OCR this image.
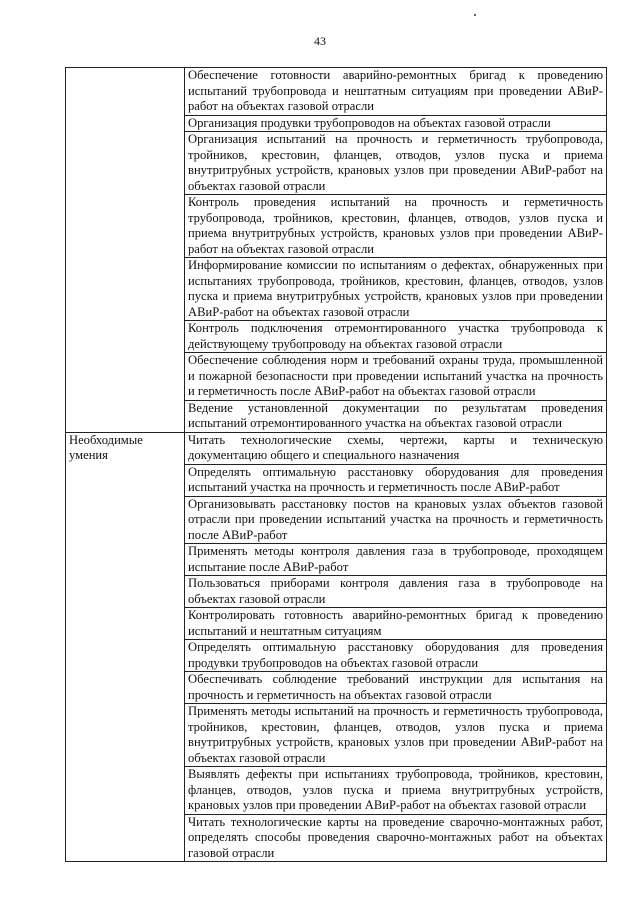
43
	Обеспечение готовности аварийно-ремонтных бригад к проведению испытаний трубопровода и нештатным ситуациям при проведении АВиР-работ на объектах газовой отрасли
	Организация продувки трубопроводов на объектах газовой отрасли
	Организация испытаний на прочность и герметичность трубопровода, тройников, крестовин, фланцев, отводов, узлов пуска и приема внутритрубных устройств, крановых узлов при проведении АВиР-работ на объектах газовой отрасли
	Контроль проведения испытаний на прочность и герметичность трубопровода, тройников, крестовин, фланцев, отводов, узлов пуска и приема внутритрубных устройств, крановых узлов при проведении АВиР-работ на объектах газовой отрасли
	Информирование комиссии по испытаниям о дефектах, обнаруженных при испытаниях трубопровода, тройников, крестовин, фланцев, отводов, узлов пуска и приема внутритрубных устройств, крановых узлов при проведении АВиР-работ на объектах газовой отрасли
	Контроль подключения отремонтированного участка трубопровода к действующему трубопроводу на объектах газовой отрасли
	Обеспечение соблюдения норм и требований охраны труда, промышленной и пожарной безопасности при проведении испытаний участка на прочность и герметичность после АВиР-работ на объектах газовой отрасли
	Ведение установленной документации по результатам проведения испытаний отремонтированного участка на объектах газовой отрасли
Необходимые умения	Читать технологические схемы, чертежи, карты и техническую документацию общего и специального назначения
	Определять оптимальную расстановку оборудования для проведения испытаний участка на прочность и герметичность после АВиР-работ
	Организовывать расстановку постов на крановых узлах объектов газовой отрасли при проведении испытаний участка на прочность и герметичность после АВиР-работ
	Применять методы контроля давления газа в трубопроводе, проходящем испытание после АВиР-работ
	Пользоваться приборами контроля давления газа в трубопроводе на объектах газовой отрасли
	Контролировать готовность аварийно-ремонтных бригад к проведению испытаний и нештатным ситуациям
	Определять оптимальную расстановку оборудования для проведения продувки трубопроводов на объектах газовой отрасли
	Обеспечивать соблюдение требований инструкции для испытания на прочность и герметичность на объектах газовой отрасли
	Применять методы испытаний на прочность и герметичность трубопровода, тройников, крестовин, фланцев, отводов, узлов пуска и приема внутритрубных устройств, крановых узлов при проведении АВиР-работ на объектах газовой отрасли
	Выявлять дефекты при испытаниях трубопровода, тройников, крестовин, фланцев, отводов, узлов пуска и приема внутритрубных устройств, крановых узлов при проведении АВиР-работ на объектах газовой отрасли
	Читать технологические карты на проведение сварочно-монтажных работ, определять способы проведения сварочно-монтажных работ на объектах газовой отрасли
